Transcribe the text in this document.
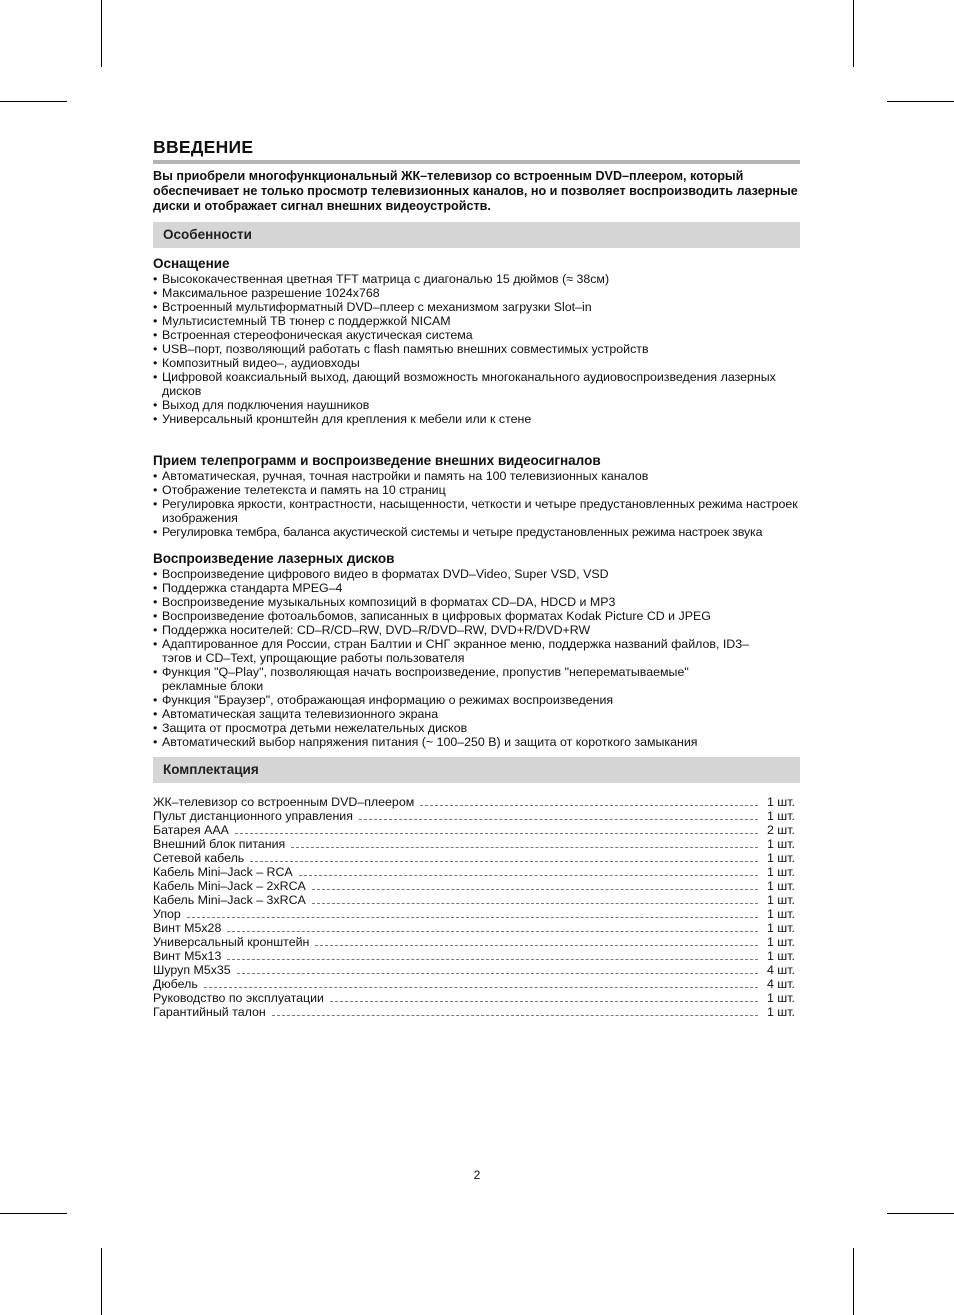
ВВЕДЕНИЕ

Вы приобрели многофункциональный ЖК–телевизор со встроенным DVD–плеером, который обеспечивает не только просмотр телевизионных каналов, но и позволяет воспроизводить лазерные диски и отображает сигнал внешних видеоустройств.

Особенности
Оснащение
• Высококачественная цветная TFT матрица с диагональю 15 дюймов (≈ 38см)
• Максимальное разрешение 1024x768
• Встроенный мультиформатный DVD–плеер с механизмом загрузки Slot–in
• Мультисистемный ТВ тюнер с поддержкой NICAM
• Встроенная стереофоническая акустическая система
• USB–порт, позволяющий работать с flash памятью внешних совместимых устройств
• Композитный видео–, аудиовходы
• Цифровой коаксиальный выход, дающий возможность многоканального аудиовоспроизведения лазерных дисков
• Выход для подключения наушников
• Универсальный кронштейн для крепления к мебели или к стене
Прием телепрограмм и воспроизведение внешних видеосигналов
• Автоматическая, ручная, точная настройки и память на 100 телевизионных каналов
• Отображение телетекста и память на 10 страниц
• Регулировка яркости, контрастности, насыщенности, четкости и четыре предустановленных режима настроек изображения
• Регулировка тембра, баланса акустической системы и четыре предустановленных режима настроек звука
Воспроизведение лазерных дисков
• Воспроизведение цифрового видео в форматах DVD–Video, Super VSD, VSD
• Поддержка стандарта MPEG–4
• Воспроизведение музыкальных композиций в форматах CD–DA, HDCD и MP3
• Воспроизведение фотоальбомов, записанных в цифровых форматах Kodak Picture CD и JPEG
• Поддержка носителей: CD–R/CD–RW, DVD–R/DVD–RW, DVD+R/DVD+RW
• Адаптированное для России, стран Балтии и СНГ экранное меню, поддержка названий файлов, ID3–тэгов и CD–Text, упрощающие работы пользователя
• Функция "Q–Play", позволяющая начать воспроизведение, пропустив "неперематываемые" рекламные блоки
• Функция "Браузер", отображающая информацию о режимах воспроизведения
• Автоматическая защита телевизионного экрана
• Защита от просмотра детьми нежелательных дисков
• Автоматический выбор напряжения питания (~ 100–250 В) и защита от короткого замыкания
Комплектация
ЖК–телевизор со встроенным DVD–плеером	1 шт.
Пульт дистанционного управления	1 шт.
Батарея ААА	2 шт.
Внешний блок питания	1 шт.
Сетевой кабель	1 шт.
Кабель Mini–Jack – RCA	1 шт.
Кабель Mini–Jack – 2xRCA	1 шт.
Кабель Mini–Jack – 3xRCA	1 шт.
Упор	1 шт.
Винт М5х28	1 шт.
Универсальный кронштейн	1 шт.
Винт М5х13	1 шт.
Шуруп М5х35	4 шт.
Дюбель	4 шт.
Руководство по эксплуатации	1 шт.
Гарантийный талон	1 шт.
2
